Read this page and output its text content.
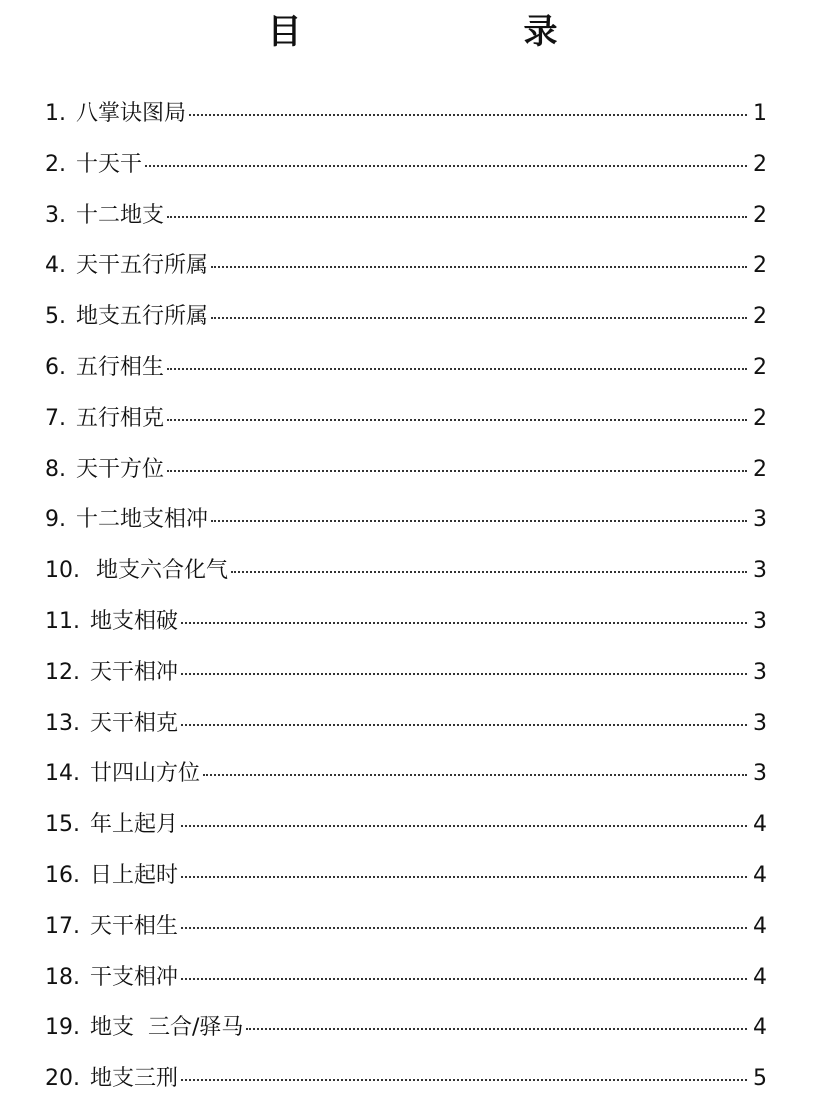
目　录
1. 八掌诀图局	1
2. 十天干	2
3. 十二地支	2
4. 天干五行所属	2
5. 地支五行所属	2
6. 五行相生	2
7. 五行相克	2
8. 天干方位	2
9. 十二地支相冲	3
10. 地支六合化气	3
11. 地支相破	3
12. 天干相冲	3
13. 天干相克	3
14. 廿四山方位	3
15. 年上起月	4
16. 日上起时	4
17. 天干相生	4
18. 干支相冲	4
19. 地支  三合/驿马	4
20. 地支三刑	5
